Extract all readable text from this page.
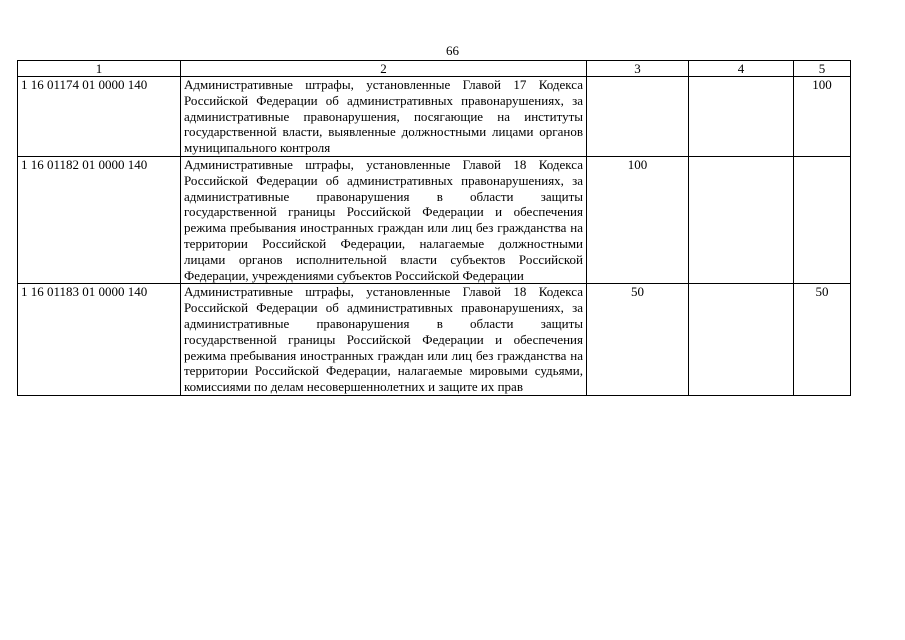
66
1	2	3	4	5
1 16 01174 01 0000 140	Административные штрафы, установленные Главой 17 Кодекса Российской Федерации об административных правонарушениях, за административные правонарушения, посягающие на институты государственной власти, выявленные должностными лицами органов муниципального контроля			100
1 16 01182 01 0000 140	Административные штрафы, установленные Главой 18 Кодекса Российской Федерации об административных правонарушениях, за административные правонарушения в области защиты государственной границы Российской Федерации и обеспечения режима пребывания иностранных граждан или лиц без гражданства на территории Российской Федерации, налагаемые должностными лицами органов исполнительной власти субъектов Российской Федерации, учреждениями субъектов Российской Федерации	100		
1 16 01183 01 0000 140	Административные штрафы, установленные Главой 18 Кодекса Российской Федерации об административных правонарушениях, за административные правонарушения в области защиты государственной границы Российской Федерации и обеспечения режима пребывания иностранных граждан или лиц без гражданства на территории Российской Федерации, налагаемые мировыми судьями, комиссиями по делам несовершеннолетних и защите их прав	50		50
